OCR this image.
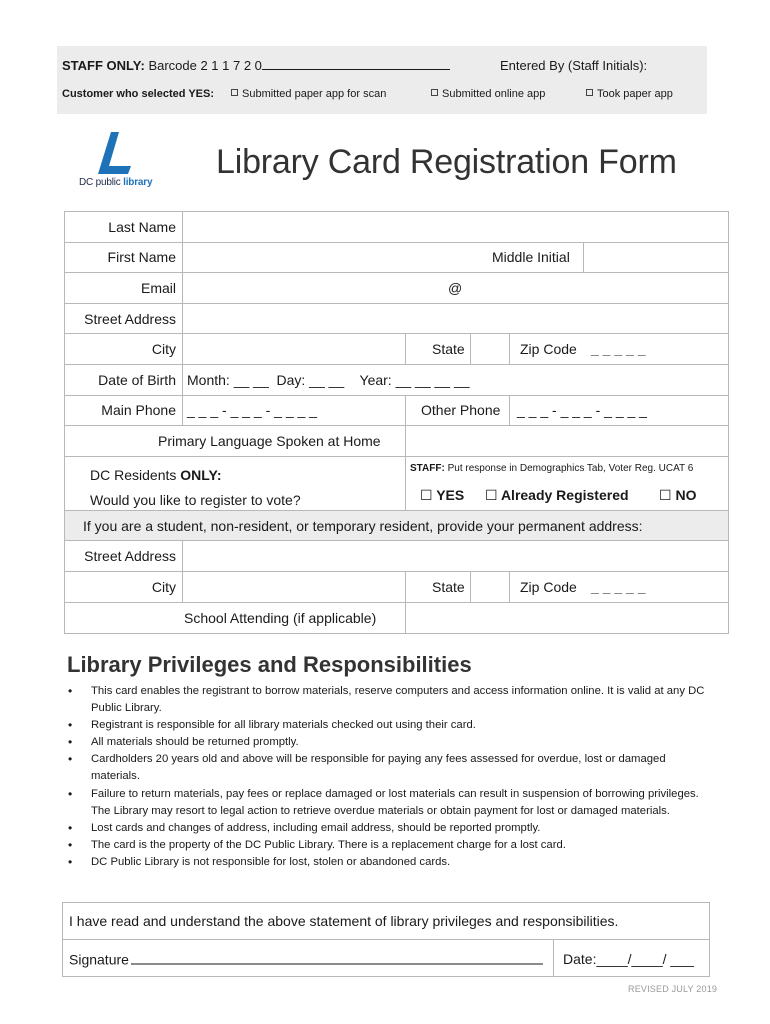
STAFF ONLY: Barcode 2 1 1 7 2 0	Entered By (Staff Initials):
Customer who selected YES:	Submitted paper app for scan	Submitted online app	Took paper app
DC public library
Library Card Registration Form
Last Name
First Name	Middle Initial
Email	@
Street Address
City	State	Zip Code _ _ _ _ _
Date of Birth Month: __ __  Day: __ __    Year: __ __ __ __
Main Phone _ _ _ - _ _ _ - _ _ _ _	Other Phone _ _ _ - _ _ _ - _ _ _ _
Primary Language Spoken at Home
DC Residents ONLY:
Would you like to register to vote?
STAFF: Put response in Demographics Tab, Voter Reg. UCAT 6
☐ YES ☐ Already Registered ☐ NO
If you are a student, non-resident, or temporary resident, provide your permanent address:
Street Address
City	State	Zip Code _ _ _ _ _
School Attending (if applicable)
Library Privileges and Responsibilities
• This card enables the registrant to borrow materials, reserve computers and access information online. It is valid at any DC Public Library.
• Registrant is responsible for all library materials checked out using their card.
• All materials should be returned promptly.
• Cardholders 20 years old and above will be responsible for paying any fees assessed for overdue, lost or damaged materials.
• Failure to return materials, pay fees or replace damaged or lost materials can result in suspension of borrowing privileges. The Library may resort to legal action to retrieve overdue materials or obtain payment for lost or damaged materials.
• Lost cards and changes of address, including email address, should be reported promptly.
• The card is the property of the DC Public Library. There is a replacement charge for a lost card.
• DC Public Library is not responsible for lost, stolen or abandoned cards.
I have read and understand the above statement of library privileges and responsibilities.
Signature	Date:____/____/ ___
REVISED JULY 2019
